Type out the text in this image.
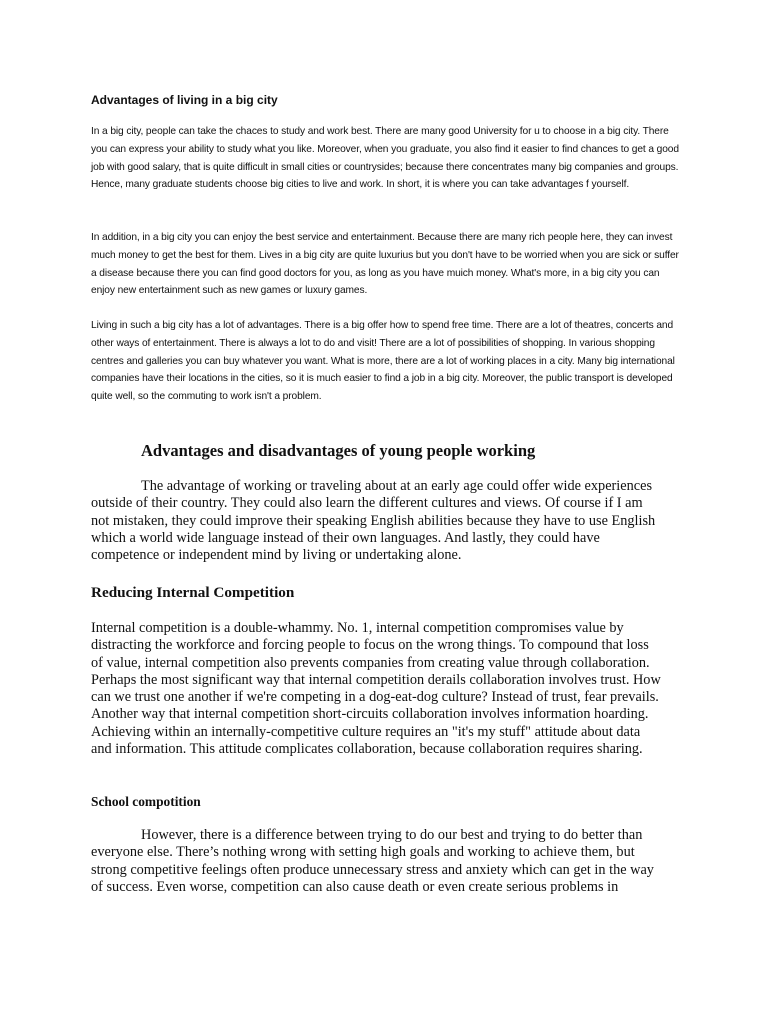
Advantages of living in a big city

In a big city, people can take the chaces to study and work best. There are many good University for u to choose in a big city. There you can express your ability to study what you like. Moreover, when you graduate, you also find it easier to find chances to get a good job with good salary, that is quite difficult in small cities or countrysides; because there concentrates many big companies and groups. Hence, many graduate students choose big cities to live and work. In short, it is where you can take advantages f yourself.

In addition, in a big city you can enjoy the best service and entertainment. Because there are many rich people here, they can invest much money to get the best for them. Lives in a big city are quite luxurius but you don't have to be worried when you are sick or suffer a disease because there you can find good doctors for you, as long as you have muich money. What's more, in a big city you can enjoy new entertainment such as new games or luxury games.

Living in such a big city has a lot of advantages. There is a big offer how to spend free time. There are a lot of theatres, concerts and other ways of entertainment. There is always a lot to do and visit! There are a lot of possibilities of shopping. In various shopping centres and galleries you can buy whatever you want. What is more, there are a lot of working places in a city. Many big international companies have their locations in the cities, so it is much easier to find a job in a big city. Moreover, the public transport is developed quite well, so the commuting to work isn't a problem.

Advantages and disadvantages of young people working

The advantage of working or traveling about at an early age could offer wide experiences outside of their country. They could also learn the different cultures and views. Of course if I am not mistaken, they could improve their speaking English abilities because they have to use English which a world wide language instead of their own languages. And lastly, they could have competence or independent mind by living or undertaking alone.

Reducing Internal Competition

Internal competition is a double-whammy. No. 1, internal competition compromises value by distracting the workforce and forcing people to focus on the wrong things. To compound that loss of value, internal competition also prevents companies from creating value through collaboration. Perhaps the most significant way that internal competition derails collaboration involves trust. How can we trust one another if we're competing in a dog-eat-dog culture? Instead of trust, fear prevails. Another way that internal competition short-circuits collaboration involves information hoarding. Achieving within an internally-competitive culture requires an "it's my stuff" attitude about data and information. This attitude complicates collaboration, because collaboration requires sharing.

School compotition

However, there is a difference between trying to do our best and trying to do better than everyone else. There’s nothing wrong with setting high goals and working to achieve them, but strong competitive feelings often produce unnecessary stress and anxiety which can get in the way of success. Even worse, competition can also cause death or even create serious problems in
